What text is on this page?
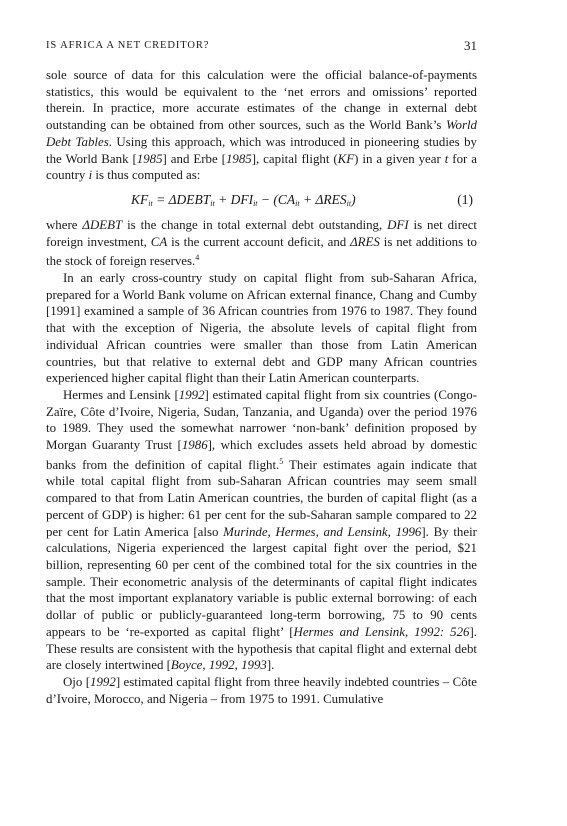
IS AFRICA A NET CREDITOR?	31

sole source of data for this calculation were the official balance-of-payments statistics, this would be equivalent to the ‘net errors and omissions’ reported therein. In practice, more accurate estimates of the change in external debt outstanding can be obtained from other sources, such as the World Bank’s World Debt Tables. Using this approach, which was introduced in pioneering studies by the World Bank [1985] and Erbe [1985], capital flight (KF) in a given year t for a country i is thus computed as:

$KF_{it}$ = $\Delta DEBT_{it} + DFI_{it} - (CA_{it} + \Delta RES_{it})$	(1)

where ΔDEBT is the change in total external debt outstanding, DFI is net direct foreign investment, CA is the current account deficit, and ΔRES is net additions to the stock of foreign reserves.$^4$

In an early cross-country study on capital flight from sub-Saharan Africa, prepared for a World Bank volume on African external finance, Chang and Cumby [1991] examined a sample of 36 African countries from 1976 to 1987. They found that with the exception of Nigeria, the absolute levels of capital flight from individual African countries were smaller than those from Latin American countries, but that relative to external debt and GDP many African countries experienced higher capital flight than their Latin American counterparts.

Hermes and Lensink [1992] estimated capital flight from six countries (Congo-Zaïre, Côte d’Ivoire, Nigeria, Sudan, Tanzania, and Uganda) over the period 1976 to 1989. They used the somewhat narrower ‘non-bank’ definition proposed by Morgan Guaranty Trust [1986], which excludes assets held abroad by domestic banks from the definition of capital flight.$^5$ Their estimates again indicate that while total capital flight from sub-Saharan African countries may seem small compared to that from Latin American countries, the burden of capital flight (as a percent of GDP) is higher: 61 per cent for the sub-Saharan sample compared to 22 per cent for Latin America [also Murinde, Hermes, and Lensink, 1996]. By their calculations, Nigeria experienced the largest capital fight over the period, $21 billion, representing 60 per cent of the combined total for the six countries in the sample. Their econometric analysis of the determinants of capital flight indicates that the most important explanatory variable is public external borrowing: of each dollar of public or publicly-guaranteed long-term borrowing, 75 to 90 cents appears to be ‘re-exported as capital flight’ [Hermes and Lensink, 1992: 526]. These results are consistent with the hypothesis that capital flight and external debt are closely intertwined [Boyce, 1992, 1993].

Ojo [1992] estimated capital flight from three heavily indebted countries – Côte d’Ivoire, Morocco, and Nigeria – from 1975 to 1991. Cumulative
